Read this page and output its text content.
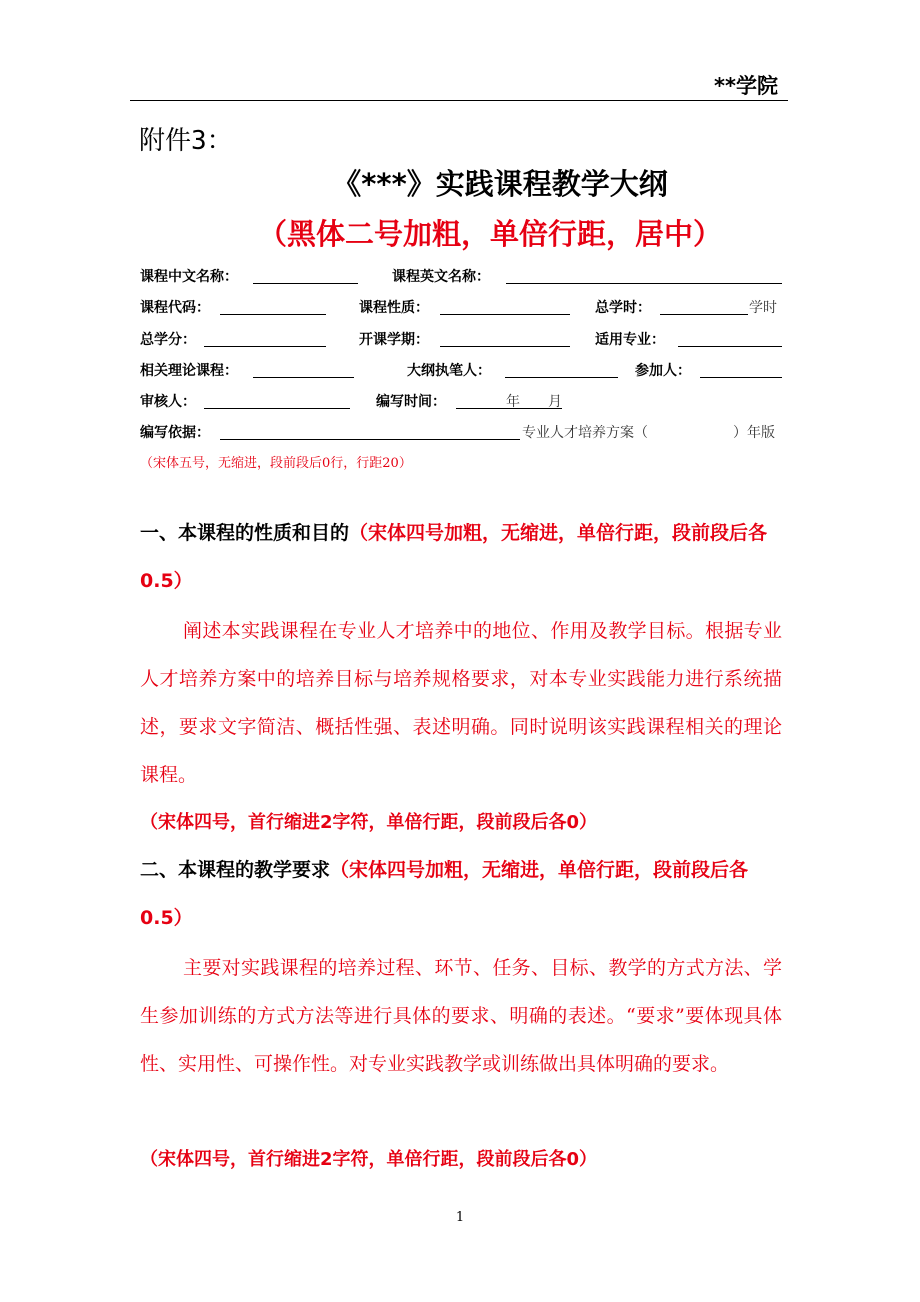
**学院
附件3：
《***》实践课程教学大纲
（黑体二号加粗，单倍行距，居中）
课程中文名称：	课程英文名称：
课程代码：	课程性质：	总学时：	学时
总学分：	开课学期：	适用专业：
相关理论课程：	大纲执笔人：	参加人：
审核人：	编写时间：	年 月
编写依据：	专业人才培养方案（	）年版
（宋体五号，无缩进，段前段后0行，行距20）
一、本课程的性质和目的（宋体四号加粗，无缩进，单倍行距，段前段后各0.5）
阐述本实践课程在专业人才培养中的地位、作用及教学目标。根据专业人才培养方案中的培养目标与培养规格要求，对本专业实践能力进行系统描述，要求文字简洁、概括性强、表述明确。同时说明该实践课程相关的理论课程。
（宋体四号，首行缩进2字符，单倍行距，段前段后各0）
二、本课程的教学要求（宋体四号加粗，无缩进，单倍行距，段前段后各0.5）
主要对实践课程的培养过程、环节、任务、目标、教学的方式方法、学生参加训练的方式方法等进行具体的要求、明确的表述。“要求”要体现具体性、实用性、可操作性。对专业实践教学或训练做出具体明确的要求。
（宋体四号，首行缩进2字符，单倍行距，段前段后各0）
1
